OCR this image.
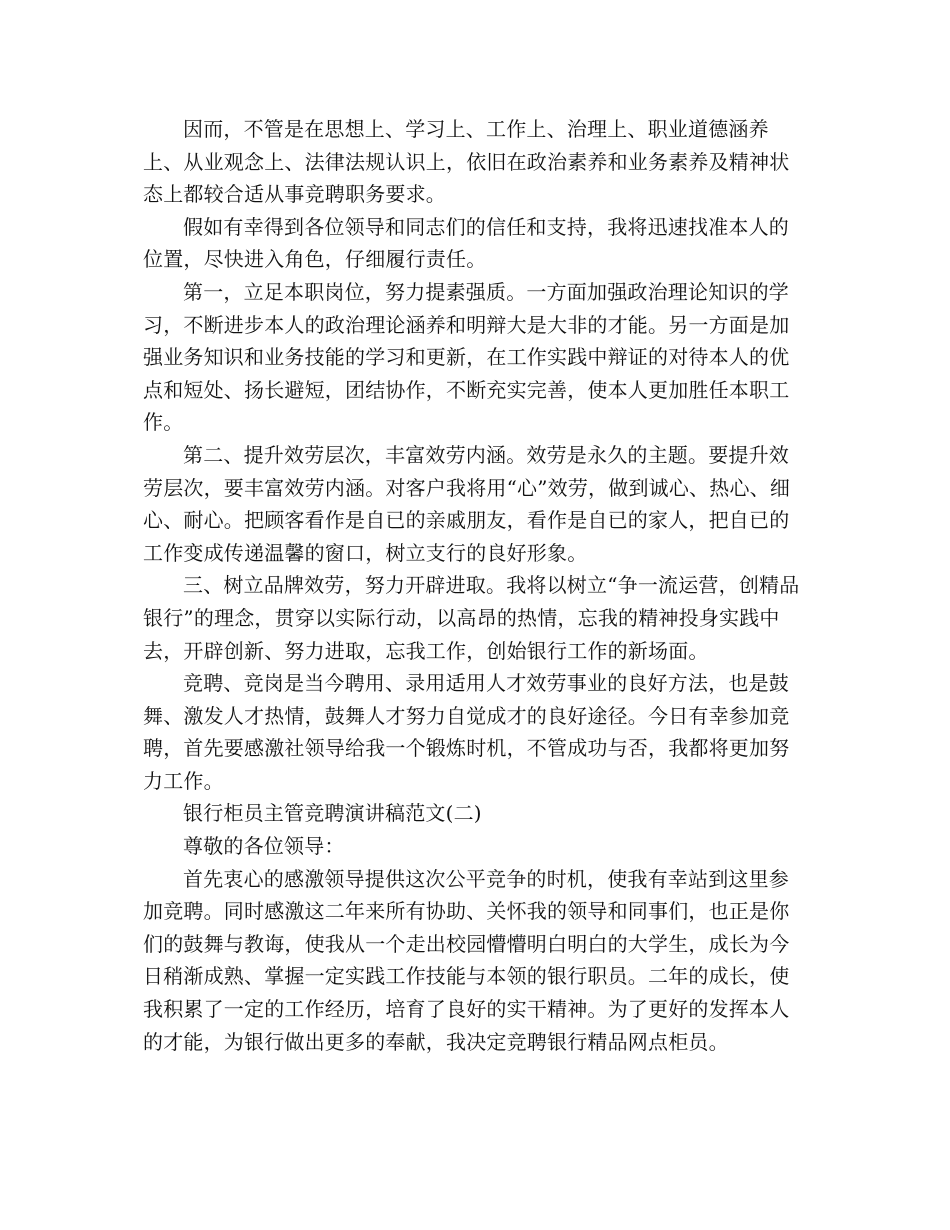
因而，不管是在思想上、学习上、工作上、治理上、职业道德涵养上、从业观念上、法律法规认识上，依旧在政治素养和业务素养及精神状态上都较合适从事竞聘职务要求。

假如有幸得到各位领导和同志们的信任和支持，我将迅速找准本人的位置，尽快进入角色，仔细履行责任。

第一，立足本职岗位，努力提素强质。一方面加强政治理论知识的学习，不断进步本人的政治理论涵养和明辩大是大非的才能。另一方面是加强业务知识和业务技能的学习和更新，在工作实践中辩证的对待本人的优点和短处、扬长避短，团结协作，不断充实完善，使本人更加胜任本职工作。

第二、提升效劳层次，丰富效劳内涵。效劳是永久的主题。要提升效劳层次，要丰富效劳内涵。对客户我将用“心”效劳，做到诚心、热心、细心、耐心。把顾客看作是自已的亲戚朋友，看作是自已的家人，把自已的工作变成传递温馨的窗口，树立支行的良好形象。

三、树立品牌效劳，努力开辟进取。我将以树立“争一流运营，创精品银行”的理念，贯穿以实际行动，以高昂的热情，忘我的精神投身实践中去，开辟创新、努力进取，忘我工作，创始银行工作的新场面。

竞聘、竞岗是当今聘用、录用适用人才效劳事业的良好方法，也是鼓舞、激发人才热情，鼓舞人才努力自觉成才的良好途径。今日有幸参加竞聘，首先要感激社领导给我一个锻炼时机，不管成功与否，我都将更加努力工作。

银行柜员主管竞聘演讲稿范文(二)

尊敬的各位领导：

首先衷心的感激领导提供这次公平竞争的时机，使我有幸站到这里参加竞聘。同时感激这二年来所有协助、关怀我的领导和同事们，也正是你们的鼓舞与教诲，使我从一个走出校园懵懵明白明白的大学生，成长为今日稍渐成熟、掌握一定实践工作技能与本领的银行职员。二年的成长，使我积累了一定的工作经历，培育了良好的实干精神。为了更好的发挥本人的才能，为银行做出更多的奉献，我决定竞聘银行精品网点柜员。
